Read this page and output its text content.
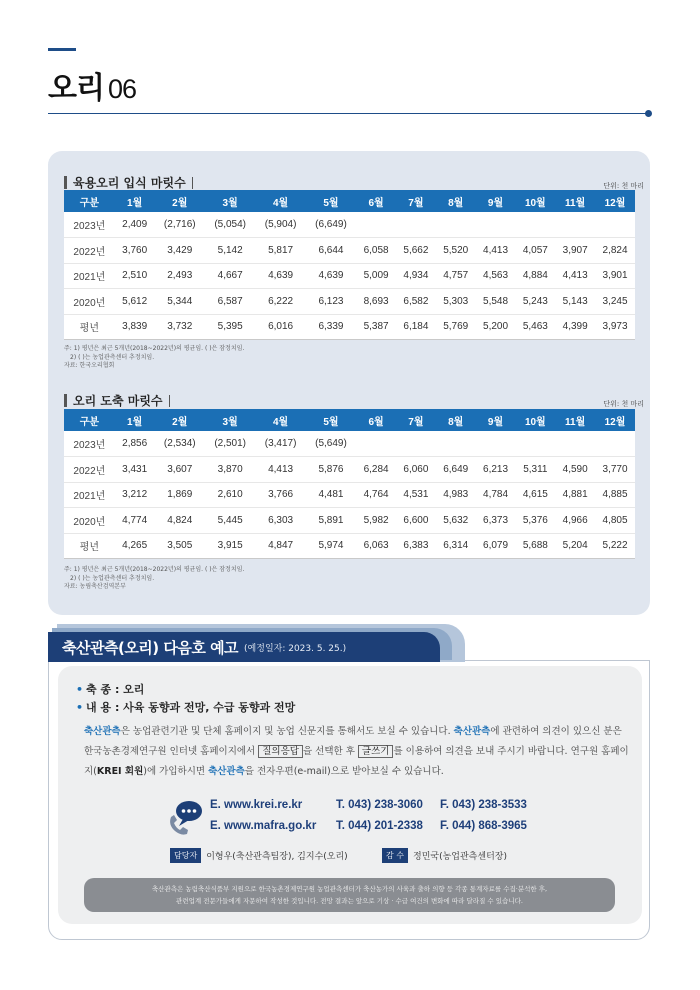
오리 06
육용오리 입식 마릿수	단위: 천 마리
구분	1월	2월	3월	4월	5월	6월	7월	8월	9월	10월	11월	12월
2023년	2,409	(2,716)	(5,054)	(5,904)	(6,649)							
2022년	3,760	3,429	5,142	5,817	6,644	6,058	5,662	5,520	4,413	4,057	3,907	2,824
2021년	2,510	2,493	4,667	4,639	4,639	5,009	4,934	4,757	4,563	4,884	4,413	3,901
2020년	5,612	5,344	6,587	6,222	6,123	8,693	6,582	5,303	5,548	5,243	5,143	3,245
평년	3,839	3,732	5,395	6,016	6,339	5,387	6,184	5,769	5,200	5,463	4,399	3,973
주: 1) 평년은 최근 5개년(2018~2022년)의 평균임. ( )은 잠정치임.
2) ( )는 농업관측센터 추정치임.
자료: 한국오리협회
오리 도축 마릿수	단위: 천 마리
구분	1월	2월	3월	4월	5월	6월	7월	8월	9월	10월	11월	12월
2023년	2,856	(2,534)	(2,501)	(3,417)	(5,649)							
2022년	3,431	3,607	3,870	4,413	5,876	6,284	6,060	6,649	6,213	5,311	4,590	3,770
2021년	3,212	1,869	2,610	3,766	4,481	4,764	4,531	4,983	4,784	4,615	4,881	4,885
2020년	4,774	4,824	5,445	6,303	5,891	5,982	6,600	5,632	6,373	5,376	4,966	4,805
평년	4,265	3,505	3,915	4,847	5,974	6,063	6,383	6,314	6,079	5,688	5,204	5,222
주: 1) 평년은 최근 5개년(2018~2022년)의 평균임. ( )은 잠정치임.
2) ( )는 농업관측센터 추정치임.
자료: 농림축산검역본부
축산관측(오리) 다음호 예고 (예정일자: 2023. 5. 25.)
• 축 종 : 오리
• 내 용 : 사육 동향과 전망, 수급 동향과 전망
축산관측은 농업관련기관 및 단체 홈페이지 및 농업 신문지를 통해서도 보실 수 있습니다. 축산관측에 관련하여 의견이 있으신 분은 한국농촌경제연구원 인터넷 홈페이지에서 질의응답 을 선택한 후 글쓰기 를 이용하여 의견을 보내 주시기 바랍니다. 연구원 홈페이지(KREI 회원)에 가입하시면 축산관측을 전자우편(e-mail)으로 받아보실 수 있습니다.
E. www.krei.re.kr	T. 043) 238-3060 F. 043) 238-3533
E. www.mafra.go.kr T. 044) 201-2338 F. 044) 868-3965
담당자	이형우(축산관측팀장), 김지수(오리)	감 수	정민국(농업관측센터장)
축산관측은 농림축산식품부 지원으로 한국농촌경제연구원 농업관측센터가 축산농가의 사육과 출하 의향 등 각종 통계자료를 수집·분석한 후,
관련업계 전문가들에게 자문하여 작성한 것입니다. 전망 결과는 앞으로 기상 · 수급 여건의 변화에 따라 달라질 수 있습니다.
